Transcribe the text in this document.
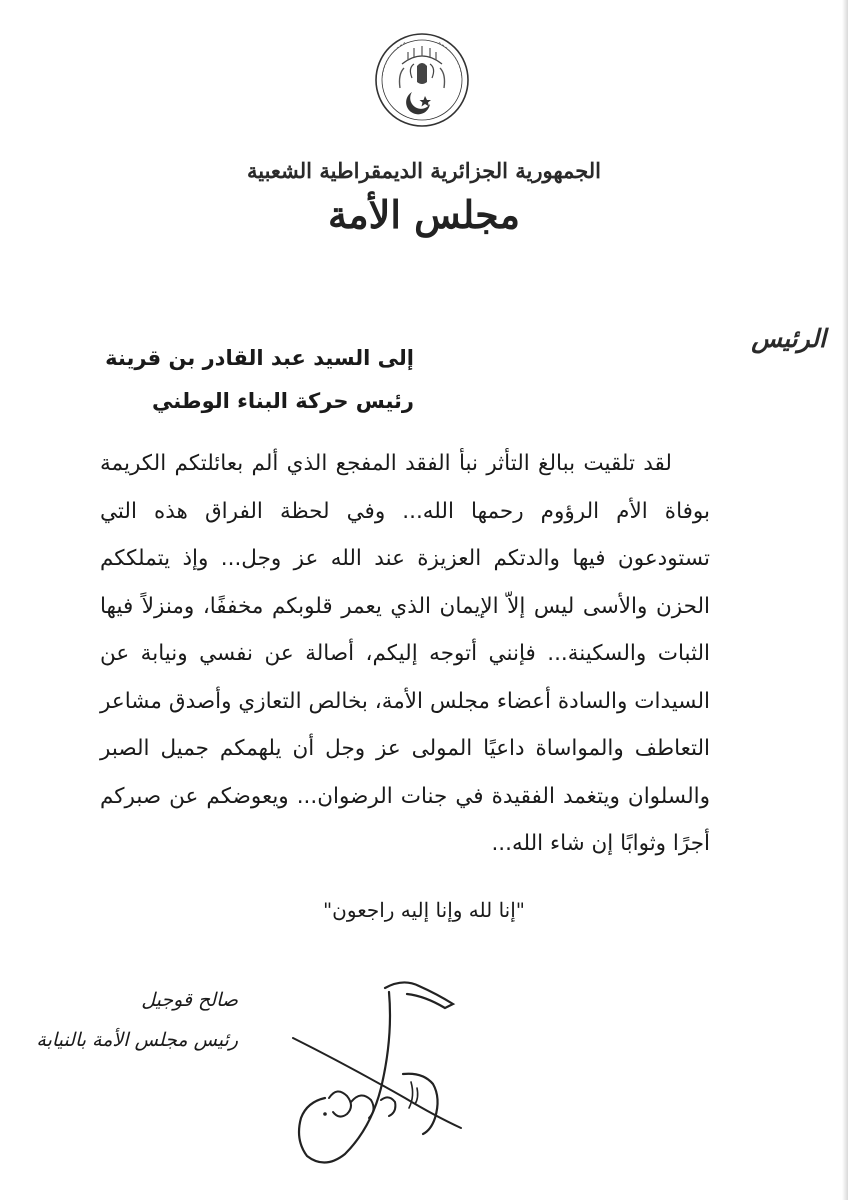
الجمهورية الجزائرية الديمقراطية الشعبية
مجلس الأمة
الرئيس
إلى السيد عبد القادر بن قرينة
رئيس حركة البناء الوطني

لقد تلقيت ببالغ التأثر نبأ الفقد المفجع الذي ألم بعائلتكم الكريمة بوفاة الأم الرؤوم رحمها الله... وفي لحظة الفراق هذه التي تستودعون فيها والدتكم العزيزة عند الله عز وجل... وإذ يتملككم الحزن والأسى ليس إلاّ الإيمان الذي يعمر قلوبكم مخففًا، ومنزلاً فيها الثبات والسكينة... فإنني أتوجه إليكم، أصالة عن نفسي ونيابة عن السيدات والسادة أعضاء مجلس الأمة، بخالص التعازي وأصدق مشاعر التعاطف والمواساة داعيًا المولى عز وجل أن يلهمكم جميل الصبر والسلوان ويتغمد الفقيدة في جنات الرضوان... ويعوضكم عن صبركم أجرًا وثوابًا إن شاء الله...

"إنا لله وإنا إليه راجعون"
صالح قوجيل
رئيس مجلس الأمة بالنيابة
